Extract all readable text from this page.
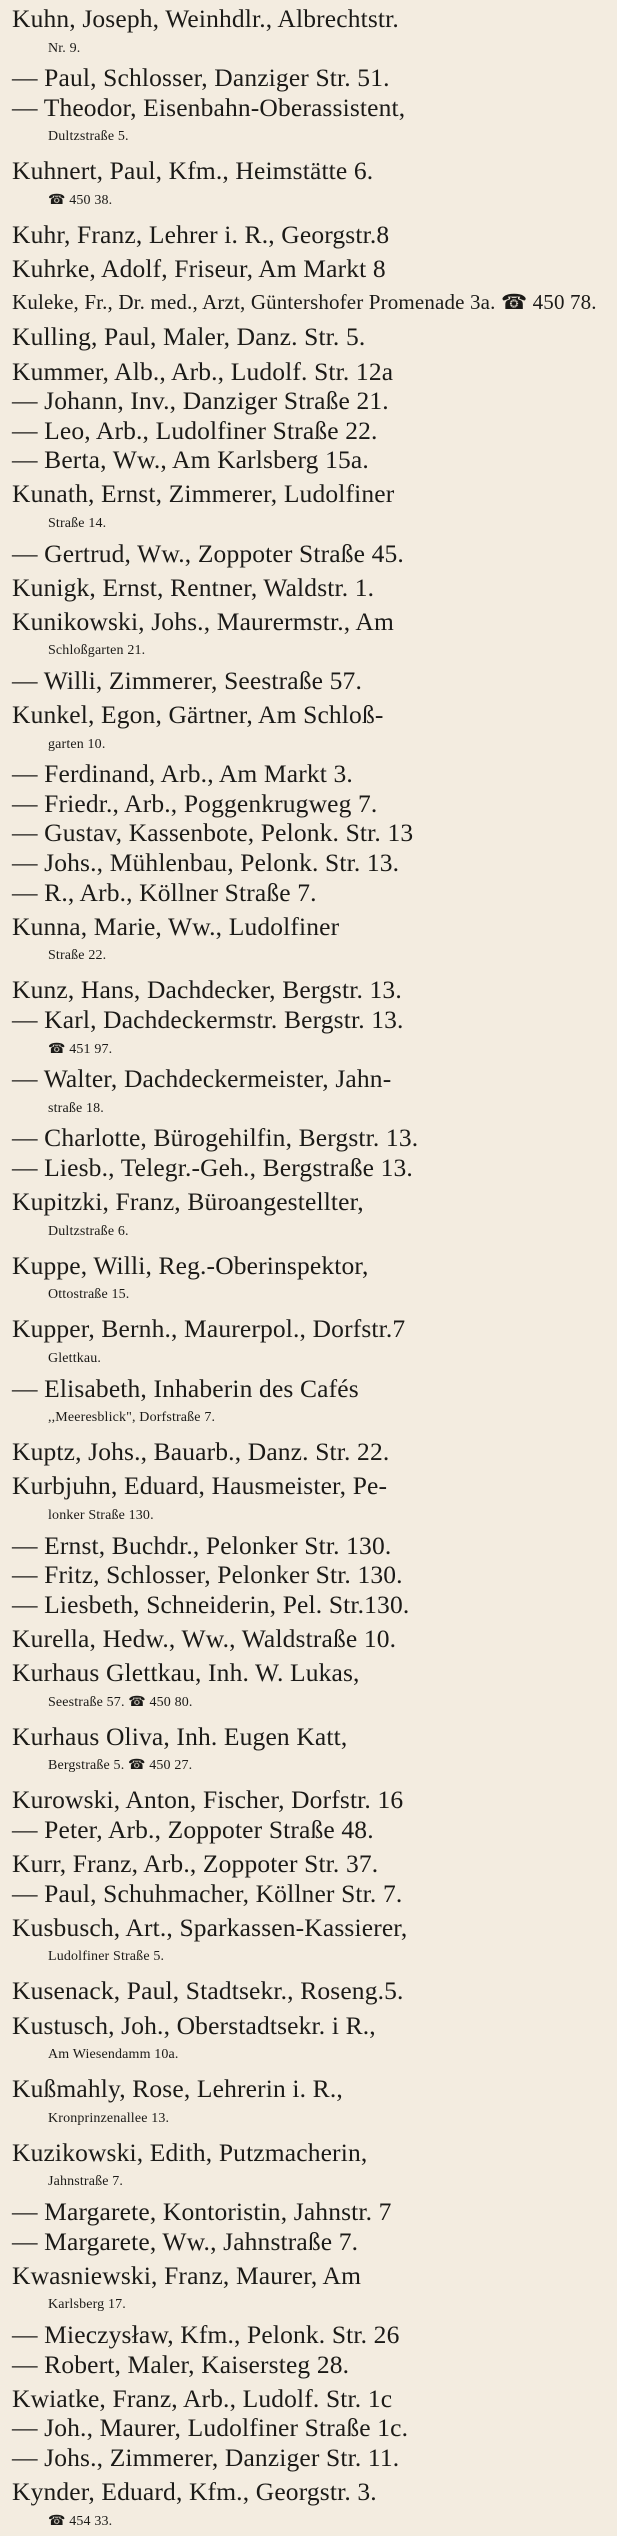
Kuhn, Joseph, Weinhdlr., Albrechtstr.
Nr. 9.
— Paul, Schlosser, Danziger Str. 51.
— Theodor, Eisenbahn-Oberassistent,
Dultzstraße 5.
Kuhnert, Paul, Kfm., Heimstätte 6.
☎ 450 38.
Kuhr, Franz, Lehrer i. R., Georgstr.8
Kuhrke, Adolf, Friseur, Am Markt 8
Kuleke, Fr., Dr. med., Arzt, Güntershofer Promenade 3a. ☎ 450 78.
Kulling, Paul, Maler, Danz. Str. 5.
Kummer, Alb., Arb., Ludolf. Str. 12a
— Johann, Inv., Danziger Straße 21.
— Leo, Arb., Ludolfiner Straße 22.
— Berta, Ww., Am Karlsberg 15a.
Kunath, Ernst, Zimmerer, Ludolfiner
Straße 14.
— Gertrud, Ww., Zoppoter Straße 45.
Kunigk, Ernst, Rentner, Waldstr. 1.
Kunikowski, Johs., Maurermstr., Am
Schloßgarten 21.
— Willi, Zimmerer, Seestraße 57.
Kunkel, Egon, Gärtner, Am Schloß-
garten 10.
— Ferdinand, Arb., Am Markt 3.
— Friedr., Arb., Poggenkrugweg 7.
— Gustav, Kassenbote, Pelonk. Str. 13
— Johs., Mühlenbau, Pelonk. Str. 13.
— R., Arb., Köllner Straße 7.
Kunna, Marie, Ww., Ludolfiner
Straße 22.
Kunz, Hans, Dachdecker, Bergstr. 13.
— Karl, Dachdeckermstr. Bergstr. 13.
☎ 451 97.
— Walter, Dachdeckermeister, Jahn-
straße 18.
— Charlotte, Bürogehilfin, Bergstr. 13.
— Liesb., Telegr.-Geh., Bergstraße 13.
Kupitzki, Franz, Büroangestellter,
Dultzstraße 6.
Kuppe, Willi, Reg.-Oberinspektor,
Ottostraße 15.
Kupper, Bernh., Maurerpol., Dorfstr.7
Glettkau.
— Elisabeth, Inhaberin des Cafés
,,Meeresblick", Dorfstraße 7.
Kuptz, Johs., Bauarb., Danz. Str. 22.
Kurbjuhn, Eduard, Hausmeister, Pe-
lonker Straße 130.
— Ernst, Buchdr., Pelonker Str. 130.
— Fritz, Schlosser, Pelonker Str. 130.
— Liesbeth, Schneiderin, Pel. Str.130.
Kurella, Hedw., Ww., Waldstraße 10.
Kurhaus Glettkau, Inh. W. Lukas,
Seestraße 57. ☎ 450 80.
Kurhaus Oliva, Inh. Eugen Katt,
Bergstraße 5. ☎ 450 27.
Kurowski, Anton, Fischer, Dorfstr. 16
— Peter, Arb., Zoppoter Straße 48.
Kurr, Franz, Arb., Zoppoter Str. 37.
— Paul, Schuhmacher, Köllner Str. 7.
Kusbusch, Art., Sparkassen-Kassierer,
Ludolfiner Straße 5.
Kusenack, Paul, Stadtsekr., Roseng.5.
Kustusch, Joh., Oberstadtsekr. i R.,
Am Wiesendamm 10a.
Kußmahly, Rose, Lehrerin i. R.,
Kronprinzenallee 13.
Kuzikowski, Edith, Putzmacherin,
Jahnstraße 7.
— Margarete, Kontoristin, Jahnstr. 7
— Margarete, Ww., Jahnstraße 7.
Kwasniewski, Franz, Maurer, Am
Karlsberg 17.
— Mieczysław, Kfm., Pelonk. Str. 26
— Robert, Maler, Kaisersteg 28.
Kwiatke, Franz, Arb., Ludolf. Str. 1c
— Joh., Maurer, Ludolfiner Straße 1c.
— Johs., Zimmerer, Danziger Str. 11.
Kynder, Eduard, Kfm., Georgstr. 3.
☎ 454 33.
